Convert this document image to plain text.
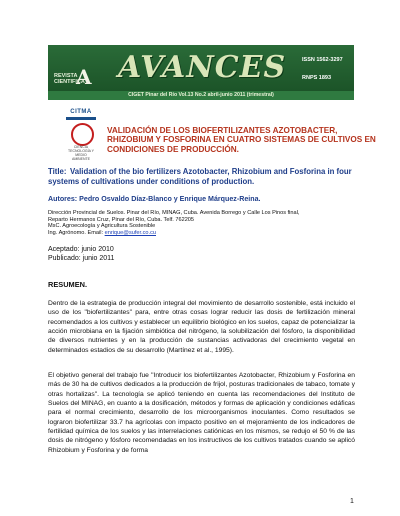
REVISTA
CIENTIFICA
A AVANCES	ISSN 1562-3297
RNPS 1893
CIGET Pinar del Río Vol.13 No.2 abril-junio 2011 (trimestral)
CITMA
CIENCIA TECNOLOGÍA Y MEDIO AMBIENTE
VALIDACIÓN DE LOS BIOFERTILIZANTES AZOTOBACTER, RHIZOBIUM Y FOSFORINA EN CUATRO SISTEMAS DE CULTIVOS EN CONDICIONES DE PRODUCCIÓN.
Title: Validation of the bio fertilizers Azotobacter, Rhizobium and Fosforina in four systems of cultivations under conditions of production.
Autores: Pedro Osvaldo Díaz-Blanco y Enrique Márquez-Reina.
Dirección Provincial de Suelos. Pinar del Río, MINAG, Cuba. Avenida Borrego y Calle Los Pinos final,
Reparto Hermanos Cruz, Pinar del Río, Cuba. Telf. 762205
MsC. Agroecología y Agricultura Sostenible
Ing. Agrónomo. Email: enrique@sufer.co.cu
Aceptado: junio 2010
Publicado: junio 2011
RESUMEN.
Dentro de la estrategia de producción integral del movimiento de desarrollo sostenible, está incluido el uso de los "biofertilizantes" para, entre otras cosas lograr reducir las dosis de fertilización mineral recomendados a los cultivos y establecer un equilibrio biológico en los suelos, capaz de potencializar la acción microbiana en la fijación simbiótica del nitrógeno, la solubilización del fósforo, la disponibilidad de diversos nutrientes y en la producción de sustancias activadoras del crecimiento vegetal en determinados estadios de su desarrollo (Martínez et al., 1995).
El objetivo general del trabajo fue "Introducir los biofertilizantes Azotobacter, Rhizobium y Fosforina en más de 30 ha de cultivos dedicados a la producción de frijol, posturas tradicionales de tabaco, tomate y otras hortalizas". La tecnología se aplicó teniendo en cuenta las recomendaciones del Instituto de Suelos del MINAG, en cuanto a la dosificación, métodos y formas de aplicación y condiciones edáficas para el normal crecimiento, desarrollo de los microorganismos inoculantes. Como resultados se lograron biofertilizar 33.7 ha agrícolas con impacto positivo en el mejoramiento de los indicadores de fertilidad química de los suelos y las interrelaciones catiónicas en los mismos, se redujo el 50 % de las dosis de nitrógeno y fósforo recomendadas en los instructivos de los cultivos tratados cuando se aplicó Rhizobium y Fosforina y de forma
1
